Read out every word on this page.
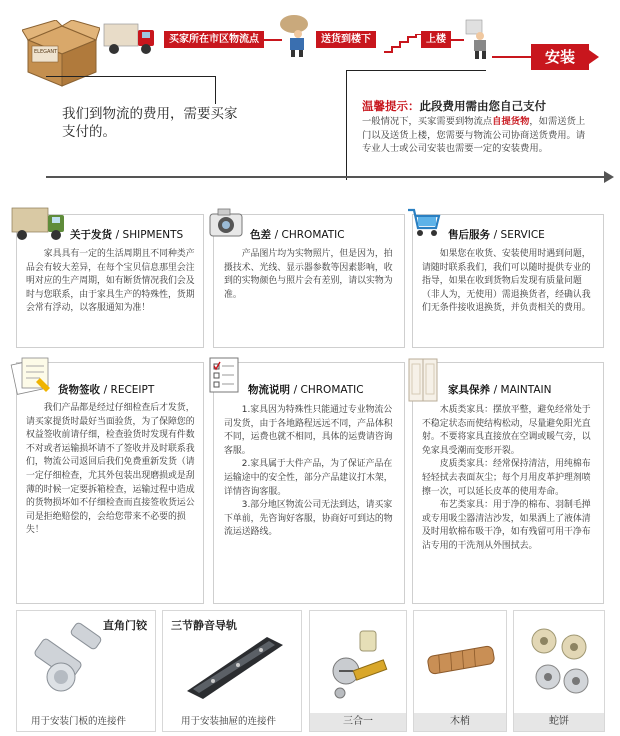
ELEGANT
买家所在市区物流点	送货到楼下	上楼
安装
我们到物流的费用，需要买家支付的。
温馨提示：此段费用需由您自己支付
一般情况下，买家需要到物流点自提货物，如需送货上门以及送货上楼，您需要与物流公司协商送货费用。请专业人士或公司安装也需要一定的安装费用。
关于发货 / SHIPMENTS

家具具有一定的生活周期且不同种类产品会有较大差异，在每个宝贝信息那里会注明对应的生产周期，如有断货情况我们会及时与您联系，由于家具生产的特殊性，货期会常有浮动，以客服通知为准！

色差 / CHROMATIC

产品图片均为实物照片，但是因为，拍摄技术、光线、显示器参数等因素影响，收到的实物颜色与照片会有差别，请以实物为准。

售后服务 / SERVICE

如果您在收货、安装使用时遇到问题，请随时联系我们，我们可以随时提供专业的指导，如果在收到货物后发现有质量问题（非人为，无使用）需退换货者，经确认我们无条件接收退换货，并负责相关的费用。

货物签收 / RECEIPT

我们产品都是经过仔细检查后才发货，请买家提货时最好当面验货，为了保障您的权益签收前请仔细，检查验货时发现有件数不对或者运输损坏请不了签收并及时联系我们，物流公司返回后我们免费重新发货（请一定仔细检查，尤其外包装出现磨损或是刮薄的时候一定要拆箱检查，运输过程中造成的货物损坏如不仔细检查而直接签收货运公司是拒绝赔偿的，会给您带来不必要的损失！

物流说明 / CHROMATIC

1.家具因为特殊性只能通过专业物流公司发货，由于各地路程远远不同，产品体积不同，运费也就不相同，具体的运费请咨询客服。

2.家具属于大件产品，为了保证产品在运输途中的安全性，部分产品建议打木架，详情咨询客服。

3.部分地区物流公司无法到达，请买家下单前，先咨询好客服，协商好可到达的物流运送路线。

家具保养 / MAINTAIN

木质类家具：摆放平整，避免经常处于不稳定状态而使结构松动，尽量避免阳光直射。不要将家具直接放在空调或暖气旁，以免家具受潮而变形开裂。

皮质类家具：经常保持清洁，用纯棉布轻轻拭去表面灰尘；每个月用皮革护理剂喷擦一次，可以延长皮革的使用寿命。

布艺类家具：用于净的棉布、羽制毛掸或专用吸尘器清洁沙发，如果洒上了液体清及时用软棉布吸干净，如有残留可用干净布沾专用的干洗剂从外围拭去。

直角门铰
用于安装门板的连接件
三节静音导轨
用于安装抽屉的连接件	三合一	木梢	蛇饼
